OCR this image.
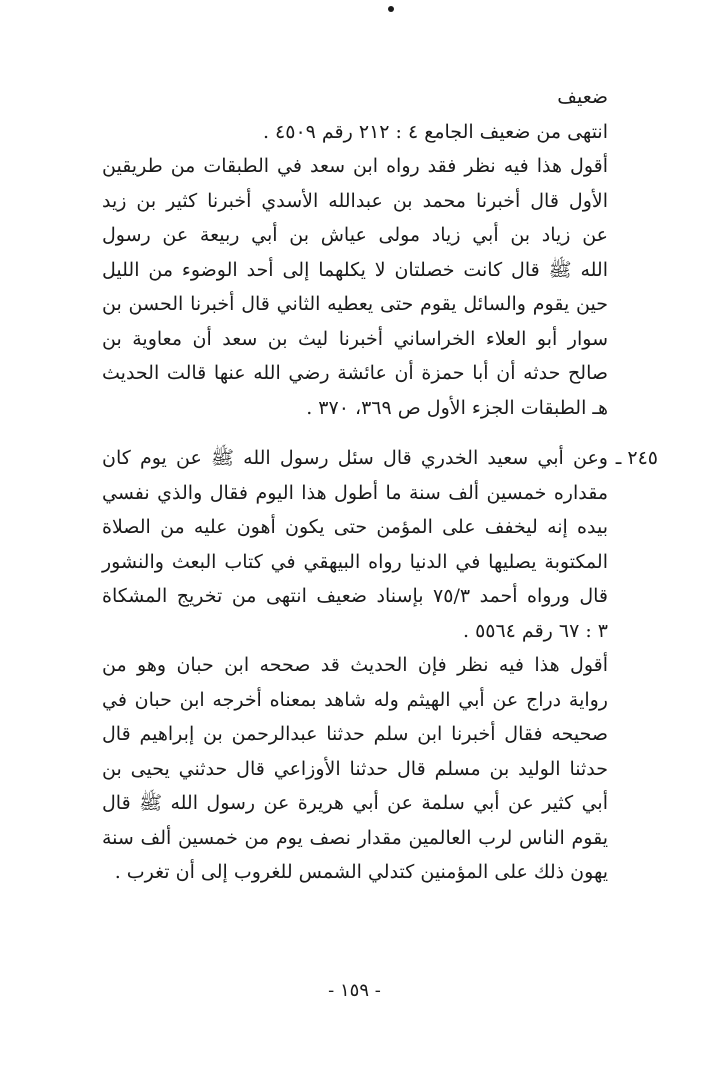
ضعيف
انتهى من ضعيف الجامع ٤ : ٢١٢ رقم ٤٥٠٩ .
أقول هذا فيه نظر فقد رواه ابن سعد في الطبقات من طريقين
الأول قال أخبرنا محمد بن عبدالله الأسدي أخبرنا كثير بن زيد
عن زياد بن أبي زياد مولى عياش بن أبي ربيعة عن رسول
الله ﷺ قال كانت خصلتان لا يكلهما إلى أحد الوضوء من الليل
حين يقوم والسائل يقوم حتى يعطيه الثاني قال أخبرنا الحسن بن
سوار أبو العلاء الخراساني أخبرنا ليث بن سعد أن معاوية بن
صالح حدثه أن أبا حمزة أن عائشة رضي الله عنها قالت الحديث
هـ الطبقات الجزء الأول ص ٣٦٩، ٣٧٠ .
٢٤٥ ـ
وعن أبي سعيد الخدري قال سئل رسول الله ﷺ عن يوم كان
مقداره خمسين ألف سنة ما أطول هذا اليوم فقال والذي نفسي
بيده إنه ليخفف على المؤمن حتى يكون أهون عليه من الصلاة
المكتوبة يصليها في الدنيا رواه البيهقي في كتاب البعث والنشور
قال ورواه أحمد ٧٥/٣ بإسناد ضعيف انتهى من تخريج المشكاة
٣ : ٦٧ رقم ٥٥٦٤ .
أقول هذا فيه نظر فإن الحديث قد صححه ابن حبان وهو من
رواية دراج عن أبي الهيثم وله شاهد بمعناه أخرجه ابن حبان في
صحيحه فقال أخبرنا ابن سلم حدثنا عبدالرحمن بن إبراهيم قال
حدثنا الوليد بن مسلم قال حدثنا الأوزاعي قال حدثني يحيى بن
أبي كثير عن أبي سلمة عن أبي هريرة عن رسول الله ﷺ قال
يقوم الناس لرب العالمين مقدار نصف يوم من خمسين ألف سنة
يهون ذلك على المؤمنين كتدلي الشمس للغروب إلى أن تغرب .
- ١٥٩ -
